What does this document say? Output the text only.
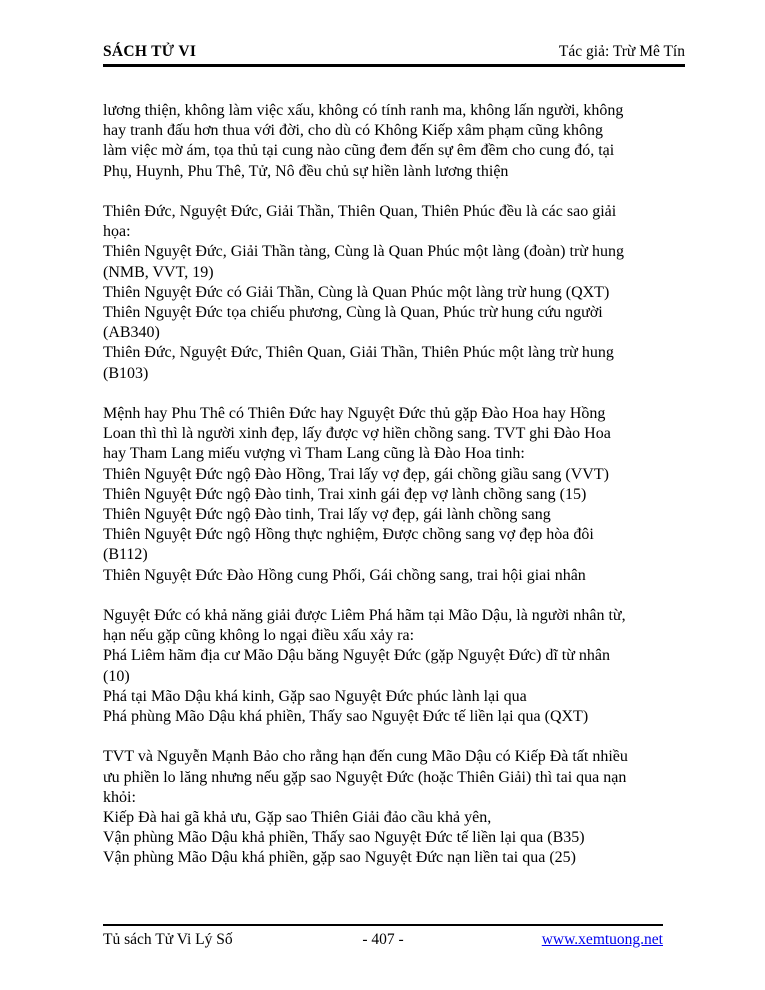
SÁCH TỬ VI	Tác giả: Trừ Mê Tín
lương thiện, không làm việc xấu, không có tính ranh ma, không lấn người, không
hay tranh đấu hơn thua với đời, cho dù có Không Kiếp xâm phạm cũng không
làm việc mờ ám, tọa thủ tại cung nào cũng đem đến sự êm đềm cho cung đó, tại
Phụ, Huynh, Phu Thê, Tử, Nô đều chủ sự hiền lành lương thiện
Thiên Đức, Nguyệt Đức, Giải Thần, Thiên Quan, Thiên Phúc đều là các sao giải
họa:
Thiên Nguyệt Đức, Giải Thần tàng, Cùng là Quan Phúc một làng (đoàn) trừ hung
(NMB, VVT, 19)
Thiên Nguyệt Đức có Giải Thần, Cùng là Quan Phúc một làng trừ hung (QXT)
Thiên Nguyệt Đức tọa chiếu phương, Cùng là Quan, Phúc trừ hung cứu người
(AB340)
Thiên Đức, Nguyệt Đức, Thiên Quan, Giải Thần, Thiên Phúc một làng trừ hung
(B103)
Mệnh hay Phu Thê có Thiên Đức hay Nguyệt Đức thủ gặp Đào Hoa hay Hồng
Loan thì thì là người xinh đẹp, lấy được vợ hiền chồng sang. TVT ghi Đào Hoa
hay Tham Lang miếu vượng vì Tham Lang cũng là Đào Hoa tinh:
Thiên Nguyệt Đức ngộ Đào Hồng, Trai lấy vợ đẹp, gái chồng giầu sang (VVT)
Thiên Nguyệt Đức ngộ Đào tinh, Trai xinh gái đẹp vợ lành chồng sang (15)
Thiên Nguyệt Đức ngộ Đào tinh, Trai lấy vợ đẹp, gái lành chồng sang
Thiên Nguyệt Đức ngộ Hồng thực nghiệm, Được chồng sang vợ đẹp hòa đôi
(B112)
Thiên Nguyệt Đức Đào Hồng cung Phối, Gái chồng sang, trai hội giai nhân
Nguyệt Đức có khả năng giải được Liêm Phá hãm tại Mão Dậu, là người nhân từ,
hạn nếu gặp cũng không lo ngại điều xấu xảy ra:
Phá Liêm hãm địa cư Mão Dậu băng Nguyệt Đức (gặp Nguyệt Đức) dĩ từ nhân
(10)
Phá tại Mão Dậu khá kinh, Gặp sao Nguyệt Đức phúc lành lại qua
Phá phùng Mão Dậu khá phiền, Thấy sao Nguyệt Đức tế liền lại qua (QXT)
TVT và Nguyễn Mạnh Bảo cho rằng hạn đến cung Mão Dậu có Kiếp Đà tất nhiều
ưu phiền lo lăng nhưng nếu gặp sao Nguyệt Đức (hoặc Thiên Giải) thì tai qua nạn
khỏi:
Kiếp Đà hai gã khả ưu, Gặp sao Thiên Giải đảo cầu khả yên,
Vận phùng Mão Dậu khả phiền, Thấy sao Nguyệt Đức tế liền lại qua (B35)
Vận phùng Mão Dậu khá phiền, gặp sao Nguyệt Đức nạn liền tai qua (25)
Tủ sách Tử Vi Lý Số	- 407 -	www.xemtuong.net
